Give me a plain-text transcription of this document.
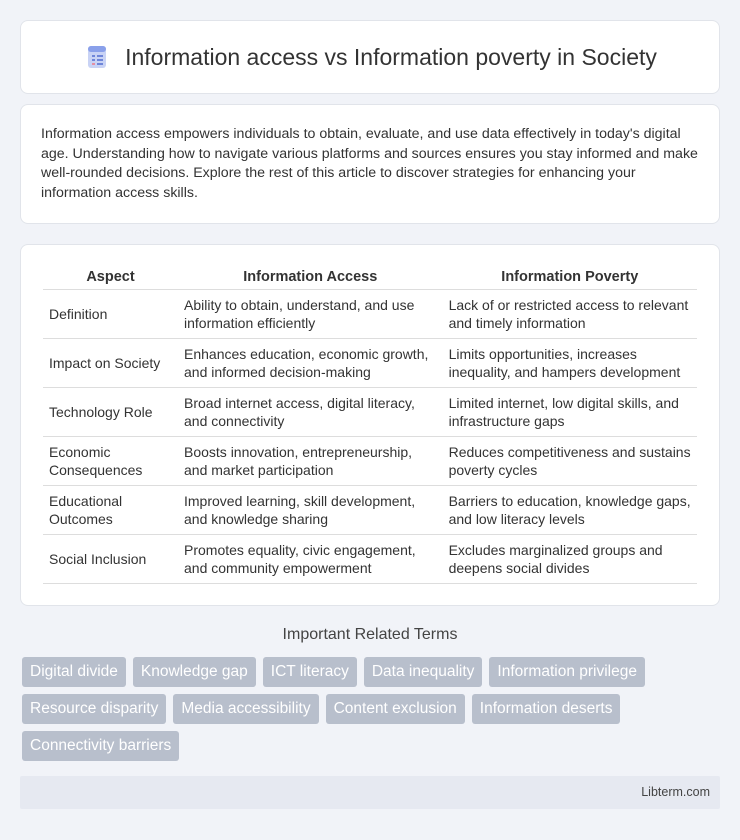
Information access vs Information poverty in Society

Information access empowers individuals to obtain, evaluate, and use data effectively in today's digital age. Understanding how to navigate various platforms and sources ensures you stay informed and make well-rounded decisions. Explore the rest of this article to discover strategies for enhancing your information access skills.

Aspect	Information Access	Information Poverty
Definition	Ability to obtain, understand, and use information efficiently	Lack of or restricted access to relevant and timely information
Impact on Society	Enhances education, economic growth, and informed decision-making	Limits opportunities, increases inequality, and hampers development
Technology Role	Broad internet access, digital literacy, and connectivity	Limited internet, low digital skills, and infrastructure gaps
Economic Consequences	Boosts innovation, entrepreneurship, and market participation	Reduces competitiveness and sustains poverty cycles
Educational Outcomes	Improved learning, skill development, and knowledge sharing	Barriers to education, knowledge gaps, and low literacy levels
Social Inclusion	Promotes equality, civic engagement, and community empowerment	Excludes marginalized groups and deepens social divides
Important Related Terms
Digital divide	Knowledge gap	ICT literacy	Data inequality	Information privilege
Resource disparity	Media accessibility	Content exclusion	Information deserts
Connectivity barriers
Libterm.com
